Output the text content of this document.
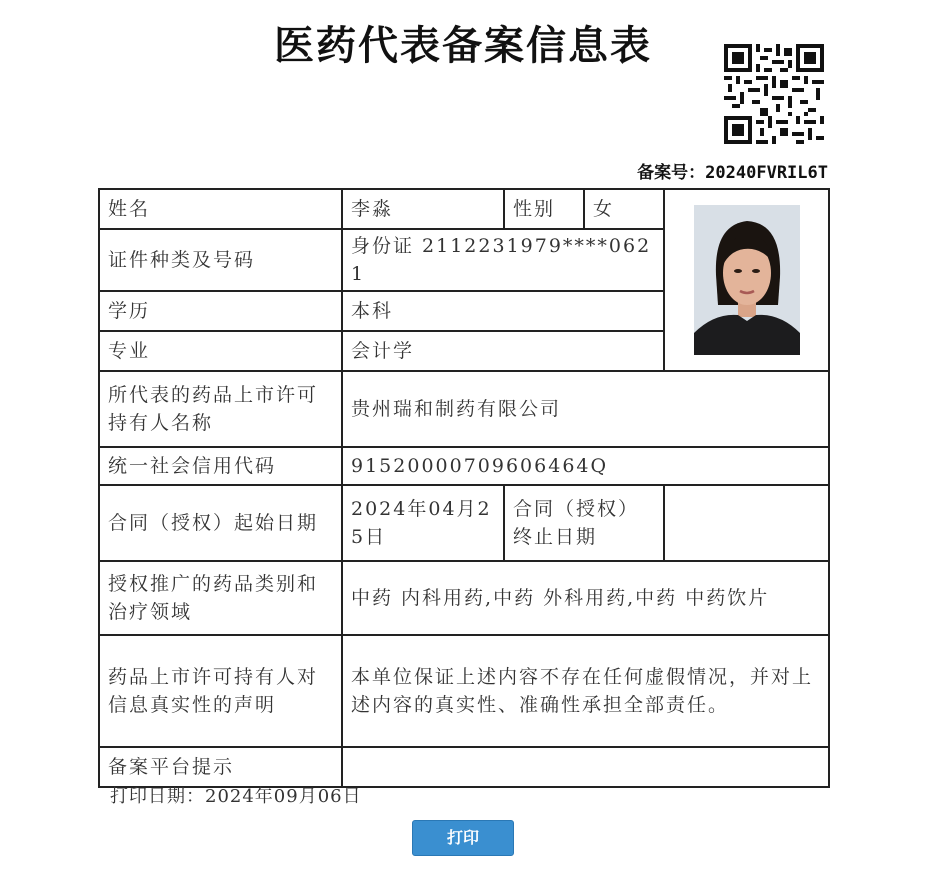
医药代表备案信息表
备案号：20240FVRIL6T
姓名	李淼	性别	女	

证件种类及号码	身份证 2112231979****0621			
学历	本科			
专业	会计学			
所代表的药品上市许可持有人名称	贵州瑞和制药有限公司			
统一社会信用代码	91520000709606464Q			
合同（授权）起始日期	2024年04月25日	合同（授权）终止日期		
授权推广的药品类别和治疗领域	中药 内科用药,中药 外科用药,中药 中药饮片			
药品上市许可持有人对信息真实性的声明	本单位保证上述内容不存在任何虚假情况，并对上述内容的真实性、准确性承担全部责任。			
备案平台提示				
打印日期：2024年09月06日
打印
